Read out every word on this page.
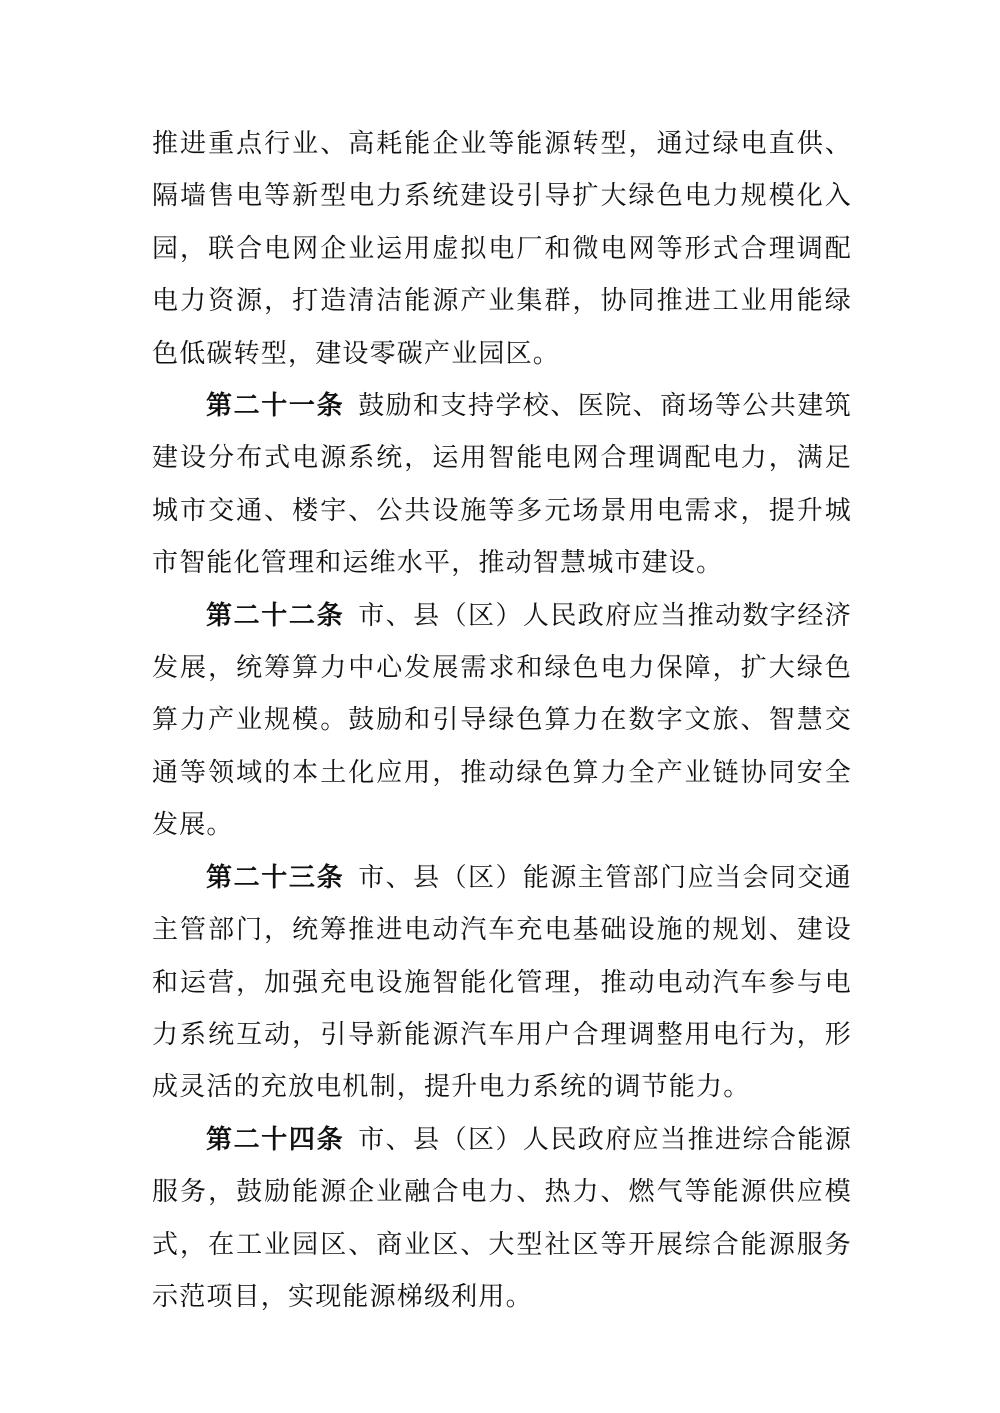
推进重点行业、高耗能企业等能源转型，通过绿电直供、隔墙售电等新型电力系统建设引导扩大绿色电力规模化入园，联合电网企业运用虚拟电厂和微电网等形式合理调配电力资源，打造清洁能源产业集群，协同推进工业用能绿色低碳转型，建设零碳产业园区。

第二十一条 鼓励和支持学校、医院、商场等公共建筑建设分布式电源系统，运用智能电网合理调配电力，满足城市交通、楼宇、公共设施等多元场景用电需求，提升城市智能化管理和运维水平，推动智慧城市建设。

第二十二条 市、县（区）人民政府应当推动数字经济发展，统筹算力中心发展需求和绿色电力保障，扩大绿色算力产业规模。鼓励和引导绿色算力在数字文旅、智慧交通等领域的本土化应用，推动绿色算力全产业链协同安全发展。

第二十三条 市、县（区）能源主管部门应当会同交通主管部门，统筹推进电动汽车充电基础设施的规划、建设和运营，加强充电设施智能化管理，推动电动汽车参与电力系统互动，引导新能源汽车用户合理调整用电行为，形成灵活的充放电机制，提升电力系统的调节能力。

第二十四条 市、县（区）人民政府应当推进综合能源服务，鼓励能源企业融合电力、热力、燃气等能源供应模式，在工业园区、商业区、大型社区等开展综合能源服务示范项目，实现能源梯级利用。
